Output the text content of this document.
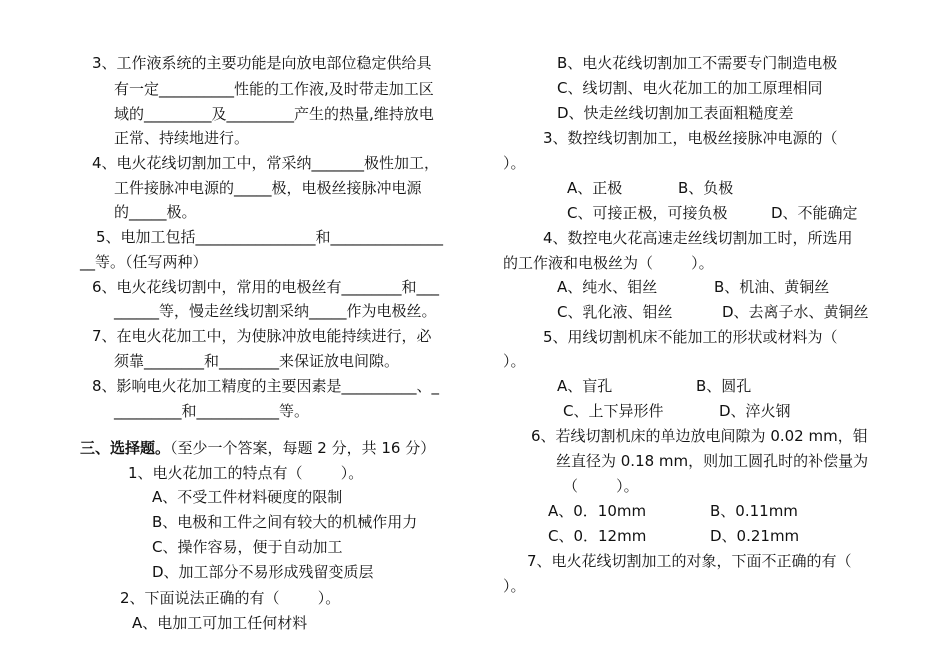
3、工作液系统的主要功能是向放电部位稳定供给具
有一定__________性能的工作液,及时带走加工区
域的_________及_________产生的热量,维持放电
正常、持续地进行。
4、电火花线切割加工中，常采纳_______极性加工，
工件接脉冲电源的_____极，电极丝接脉冲电源
的_____极。
5、电加工包括________________和_______________
__等。（任写两种）
6、电火花线切割中，常用的电极丝有________和___
______等，慢走丝线切割采纳_____作为电极丝。
7、在电火花加工中，为使脉冲放电能持续进行，必
须靠________和________来保证放电间隙。
8、影响电火花加工精度的主要因素是__________、_
_________和___________等。
三、选择题。（至少一个答案，每题 2 分，共 16 分）
1、电火花加工的特点有（        ）。
A、不受工件材料硬度的限制
B、电极和工件之间有较大的机械作用力
C、操作容易，便于自动加工
D、加工部分不易形成残留变质层
2、下面说法正确的有（        ）。
A、电加工可加工任何材料
B、电火花线切割加工不需要专门制造电极
C、线切割、电火花加工的加工原理相同
D、快走丝线切割加工表面粗糙度差
3、数控线切割加工，电极丝接脉冲电源的（
）。
A、正极	B、负极
C、可接正极，可接负极	D、不能确定
4、数控电火花高速走丝线切割加工时，所选用
的工作液和电极丝为（        ）。
A、纯水、钼丝	B、机油、黄铜丝
C、乳化液、钼丝	D、去离子水、黄铜丝
5、用线切割机床不能加工的形状或材料为（
）。
A、盲孔	B、圆孔
C、上下异形件	D、淬火钢
6、若线切割机床的单边放电间隙为 0.02 mm，钼
丝直径为 0.18 mm，则加工圆孔时的补偿量为
（        ）。
A、0．10mm	B、0.11mm
C、0．12mm	D、0.21mm
7、电火花线切割加工的对象，下面不正确的有（
）。
